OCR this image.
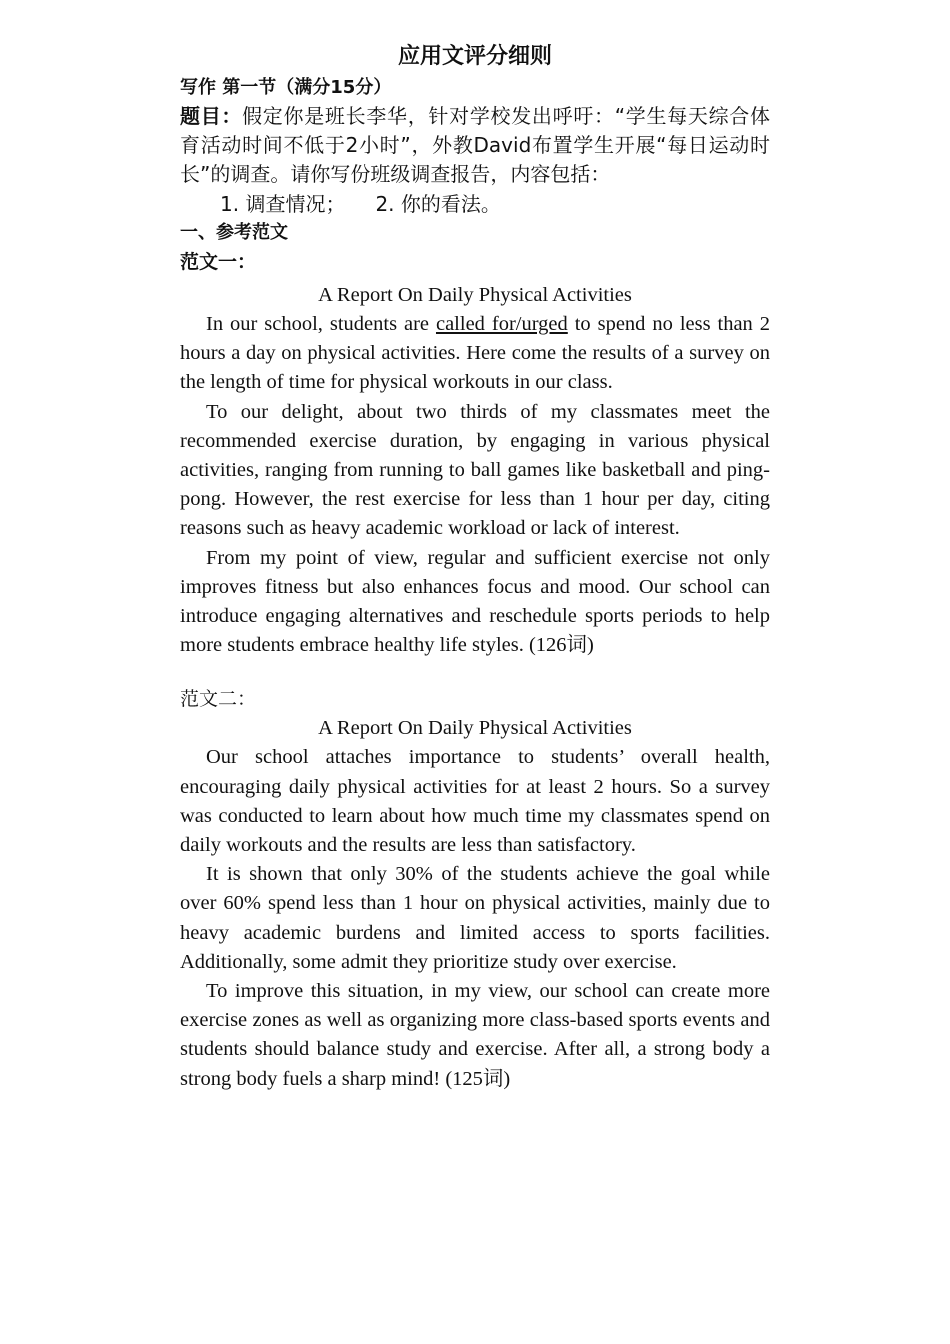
应用文评分细则

写作 第一节（满分15分）

题目：假定你是班长李华，针对学校发出呼吁：“学生每天综合体育活动时间不低于2小时”，外教David布置学生开展“每日运动时长”的调查。请你写份班级调查报告，内容包括：

1. 调查情况； 2. 你的看法。

一、参考范文

范文一：

A Report On Daily Physical Activities

In our school, students are called for/urged to spend no less than 2 hours a day on physical activities. Here come the results of a survey on the length of time for physical workouts in our class.

To our delight, about two thirds of my classmates meet the recommended exercise duration, by engaging in various physical activities, ranging from running to ball games like basketball and ping-pong. However, the rest exercise for less than 1 hour per day, citing reasons such as heavy academic workload or lack of interest.

From my point of view, regular and sufficient exercise not only improves fitness but also enhances focus and mood. Our school can introduce engaging alternatives and reschedule sports periods to help more students embrace healthy life styles. (126词)

范文二：

A Report On Daily Physical Activities

Our school attaches importance to students’ overall health, encouraging daily physical activities for at least 2 hours. So a survey was conducted to learn about how much time my classmates spend on daily workouts and the results are less than satisfactory.

It is shown that only 30% of the students achieve the goal while over 60% spend less than 1 hour on physical activities, mainly due to heavy academic burdens and limited access to sports facilities. Additionally, some admit they prioritize study over exercise.

To improve this situation, in my view, our school can create more exercise zones as well as organizing more class-based sports events and students should balance study and exercise. After all, a strong body a strong body fuels a sharp mind! (125词)
